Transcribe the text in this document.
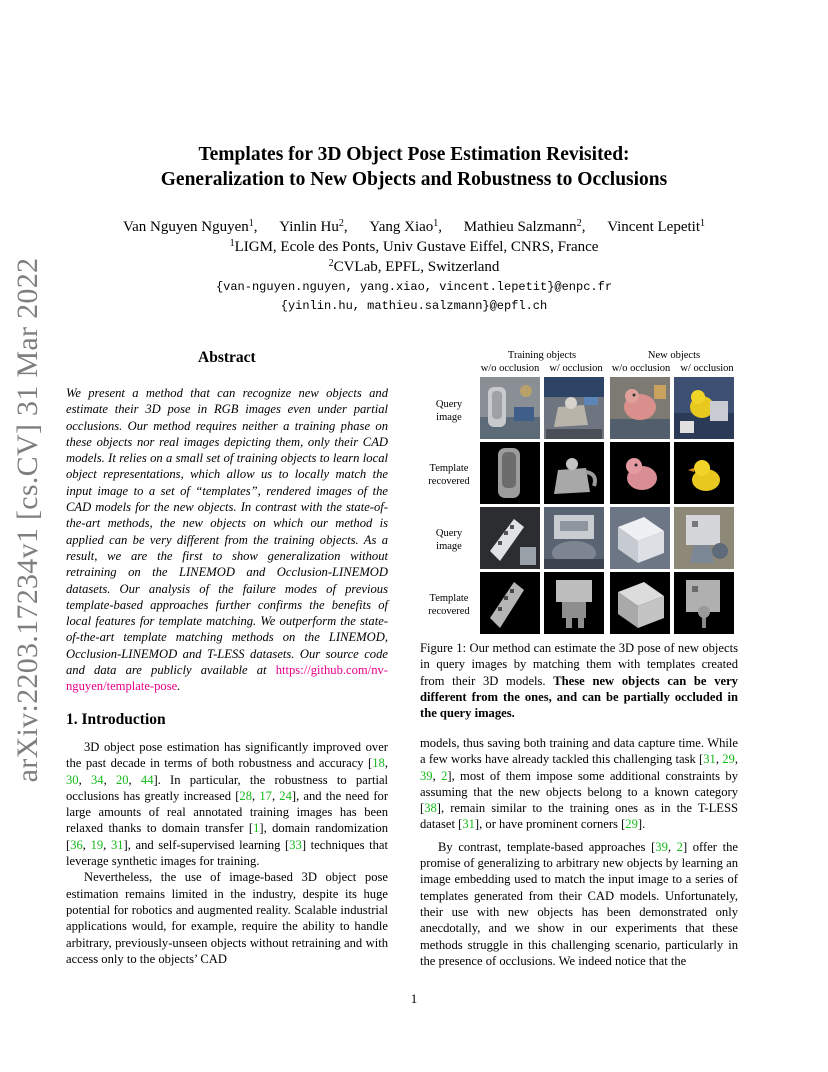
arXiv:2203.17234v1 [cs.CV] 31 Mar 2022
Templates for 3D Object Pose Estimation Revisited:
Generalization to New Objects and Robustness to Occlusions
Van Nguyen Nguyen$^1$, Yinlin Hu$^2$, Yang Xiao$^1$, Mathieu Salzmann$^2$, Vincent Lepetit$^1$
$^1$LIGM, Ecole des Ponts, Univ Gustave Eiffel, CNRS, France
$^2$CVLab, EPFL, Switzerland
{van-nguyen.nguyen, yang.xiao, vincent.lepetit}@enpc.fr
{yinlin.hu, mathieu.salzmann}@epfl.ch
Abstract
We present a method that can recognize new objects and estimate their 3D pose in RGB images even under partial occlusions. Our method requires neither a training phase on these objects nor real images depicting them, only their CAD models. It relies on a small set of training objects to learn local object representations, which allow us to locally match the input image to a set of “templates”, rendered images of the CAD models for the new objects. In contrast with the state-of-the-art methods, the new objects on which our method is applied can be very different from the training objects. As a result, we are the first to show generalization without retraining on the LINEMOD and Occlusion-LINEMOD datasets. Our analysis of the failure modes of previous template-based approaches further confirms the benefits of local features for template matching. We outperform the state-of-the-art template matching methods on the LINEMOD, Occlusion-LINEMOD and T-LESS datasets. Our source code and data are publicly available at https://github.com/nv-nguyen/template-pose.
1. Introduction

3D object pose estimation has significantly improved over the past decade in terms of both robustness and accuracy [18, 30, 34, 20, 44]. In particular, the robustness to partial occlusions has greatly increased [28, 17, 24], and the need for large amounts of real annotated training images has been relaxed thanks to domain transfer [1], domain randomization [36, 19, 31], and self-supervised learning [33] techniques that leverage synthetic images for training.

Nevertheless, the use of image-based 3D object pose estimation remains limited in the industry, despite its huge potential for robotics and augmented reality. Scalable industrial applications would, for example, require the ability to handle arbitrary, previously-unseen objects without retraining and with access only to the objects’ CAD

models, thus saving both training and data capture time. While a few works have already tackled this challenging task [31, 29, 39, 2], most of them impose some additional constraints by assuming that the new objects belong to a known category [38], remain similar to the training ones as in the T-LESS dataset [31], or have prominent corners [29].

By contrast, template-based approaches [39, 2] offer the promise of generalizing to arbitrary new objects by learning an image embedding used to match the input image to a series of templates generated from their CAD models. Unfortunately, their use with new objects has been demonstrated only anecdotally, and we show in our experiments that these methods struggle in this challenging scenario, particularly in the presence of occlusions. We indeed notice that the

Training objects	New objects
w/o occlusion w/ occlusion w/o occlusion w/ occlusion
Query
image
Template
recovered
Query
image
Template
recovered
Figure 1: Our method can estimate the 3D pose of new objects in query images by matching them with templates created from their 3D models. These new objects can be very different from the ones, and can be partially occluded in the query images.
1
